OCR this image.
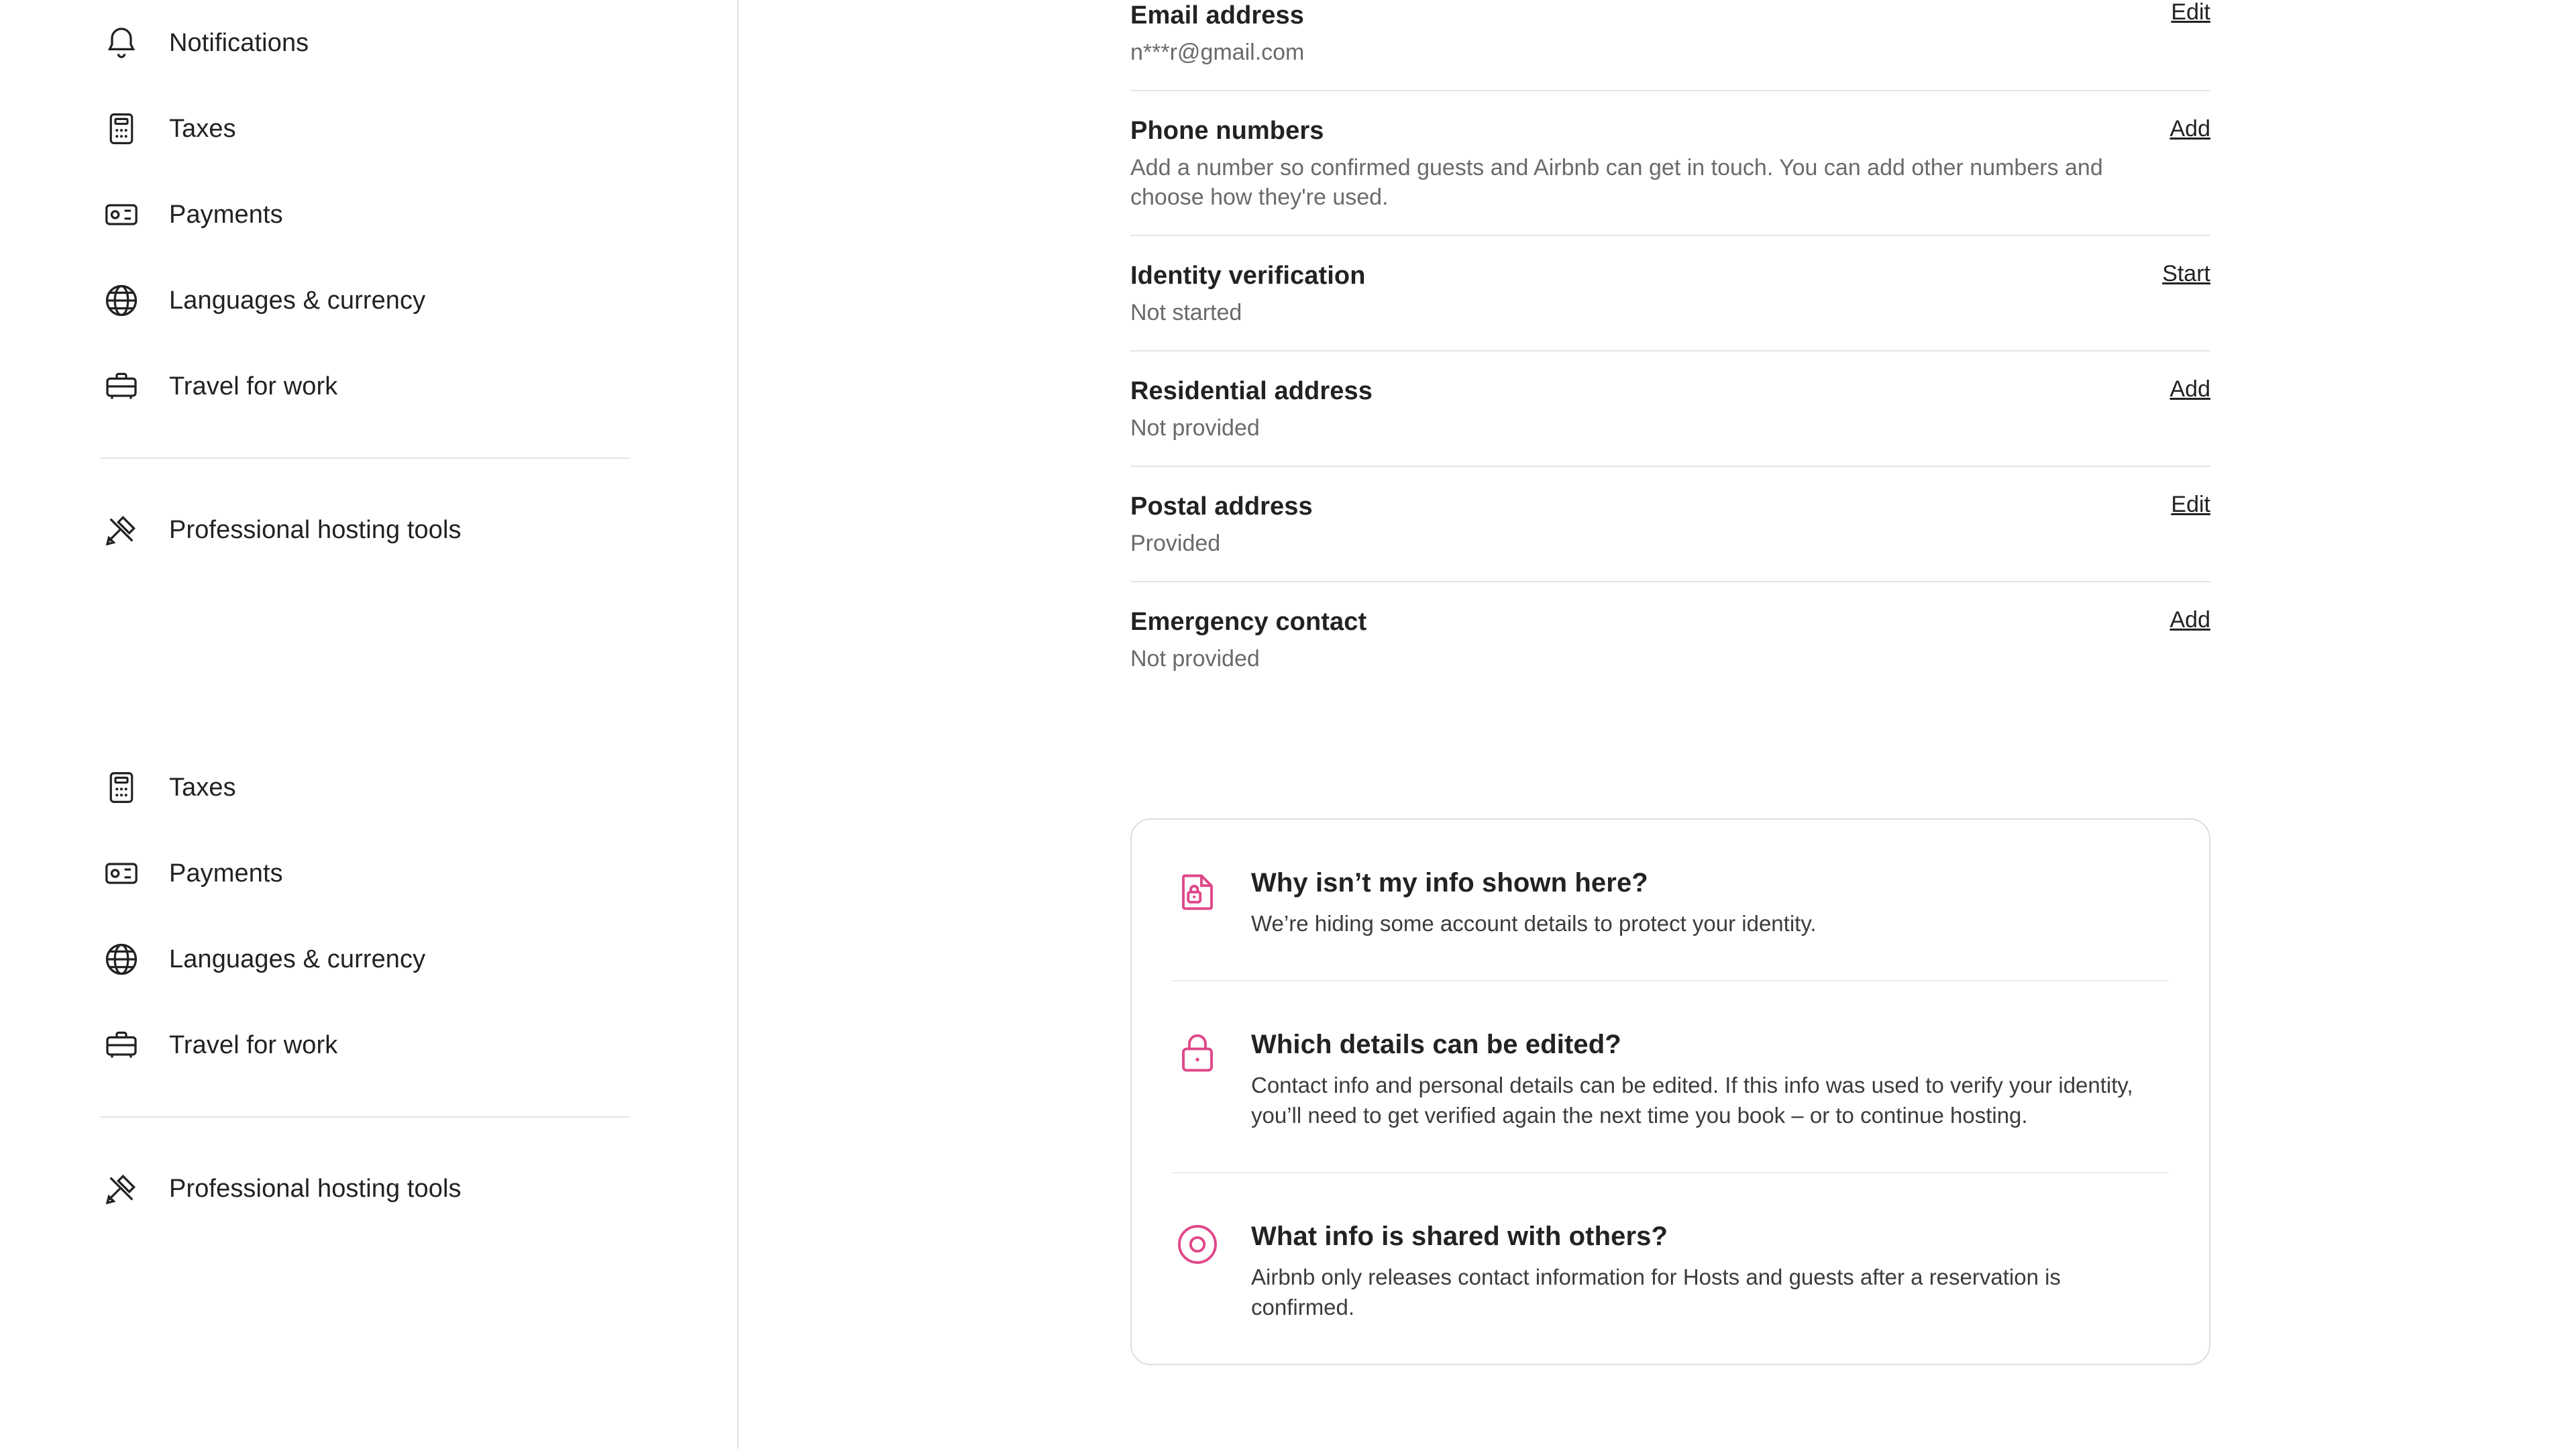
Notifications
Taxes
Payments
Languages & currency
Travel for work
Professional hosting tools
Taxes
Payments
Languages & currency
Travel for work
Professional hosting tools
Email address
n***r@gmail.com
Edit
Phone numbers
Add a number so confirmed guests and Airbnb can get in touch. You can add other numbers and choose how they're used.
Add
Identity verification
Not started
Start
Residential address
Not provided
Add
Postal address
Provided
Edit
Emergency contact
Not provided
Add
Why isn’t my info shown here?
We’re hiding some account details to protect your identity.
Which details can be edited?
Contact info and personal details can be edited. If this info was used to verify your identity, you’ll need to get verified again the next time you book – or to continue hosting.
What info is shared with others?
Airbnb only releases contact information for Hosts and guests after a reservation is confirmed.
